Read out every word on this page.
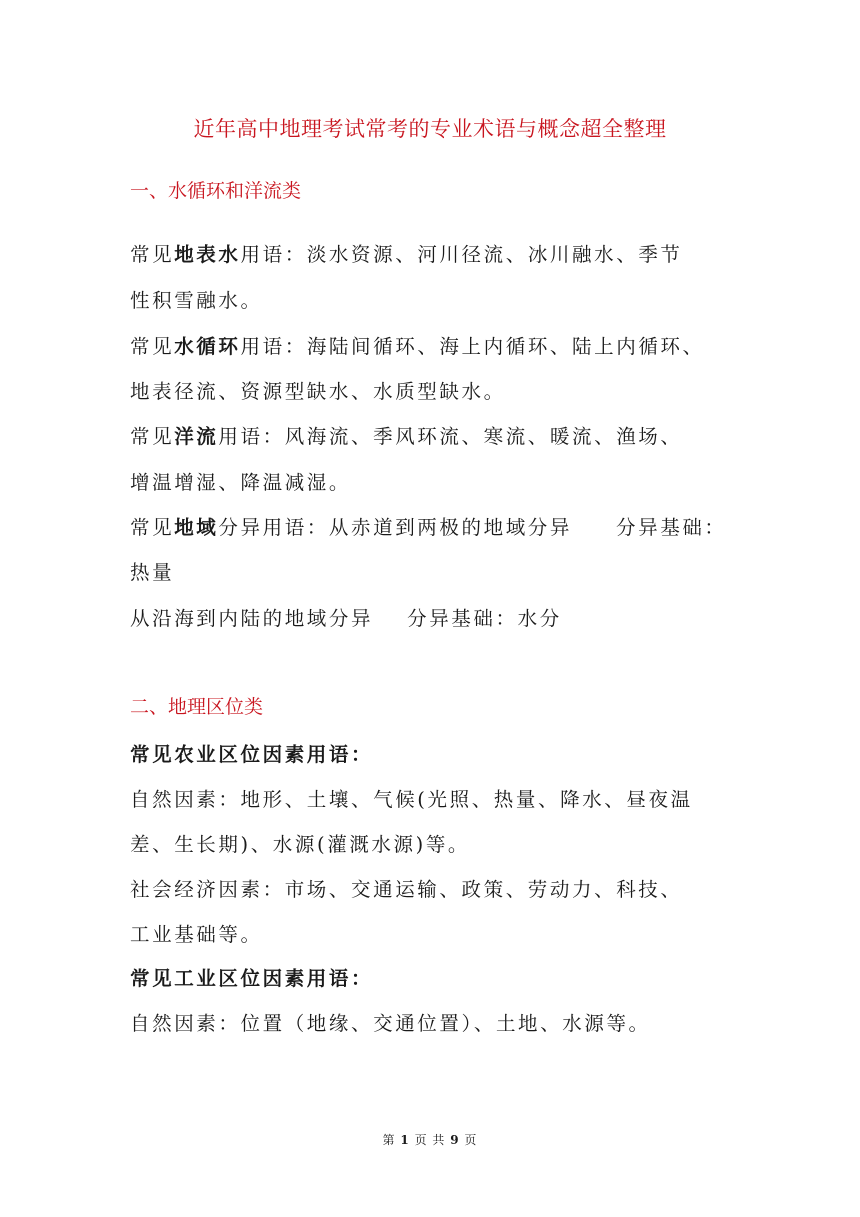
近年高中地理考试常考的专业术语与概念超全整理
一、水循环和洋流类
常见地表水用语：淡水资源、河川径流、冰川融水、季节
性积雪融水。
常见水循环用语：海陆间循环、海上内循环、陆上内循环、
地表径流、资源型缺水、水质型缺水。
常见洋流用语：风海流、季风环流、寒流、暖流、渔场、
增温增湿、降温减湿。
常见地域分异用语：从赤道到两极的地域分异 分异基础：
热量
从沿海到内陆的地域分异 分异基础：水分
二、地理区位类
常见农业区位因素用语：
自然因素：地形、土壤、气候(光照、热量、降水、昼夜温
差、生长期)、水源(灌溉水源)等。
社会经济因素：市场、交通运输、政策、劳动力、科技、
工业基础等。
常见工业区位因素用语：
自然因素：位置（地缘、交通位置）、土地、水源等。
第 1 页 共 9 页
